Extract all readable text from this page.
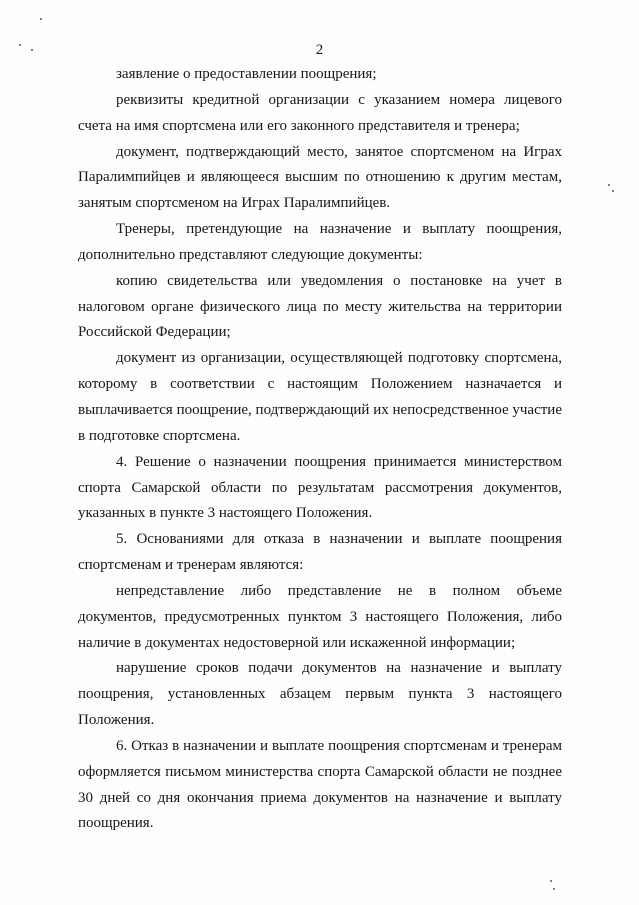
2

заявление о предоставлении поощрения;

реквизиты кредитной организации с указанием номера лицевого счета на имя спортсмена или его законного представителя и тренера;

документ, подтверждающий место, занятое спортсменом на Играх Паралимпийцев и являющееся высшим по отношению к другим местам, занятым спортсменом на Играх Паралимпийцев.

Тренеры, претендующие на назначение и выплату поощрения, дополнительно представляют следующие документы:

копию свидетельства или уведомления о постановке на учет в налоговом органе физического лица по месту жительства на территории Российской Федерации;

документ из организации, осуществляющей подготовку спортсмена, которому в соответствии с настоящим Положением назначается и выплачивается поощрение, подтверждающий их непосредственное участие в подготовке спортсмена.

4. Решение о назначении поощрения принимается министерством спорта Самарской области по результатам рассмотрения документов, указанных в пункте 3 настоящего Положения.

5. Основаниями для отказа в назначении и выплате поощрения спортсменам и тренерам являются:

непредставление либо представление не в полном объеме документов, предусмотренных пунктом 3 настоящего Положения, либо наличие в документах недостоверной или искаженной информации;

нарушение сроков подачи документов на назначение и выплату поощрения, установленных абзацем первым пункта 3 настоящего Положения.

6. Отказ в назначении и выплате поощрения спортсменам и тренерам оформляется письмом министерства спорта Самарской области не позднее 30 дней со дня окончания приема документов на назначение и выплату поощрения.
